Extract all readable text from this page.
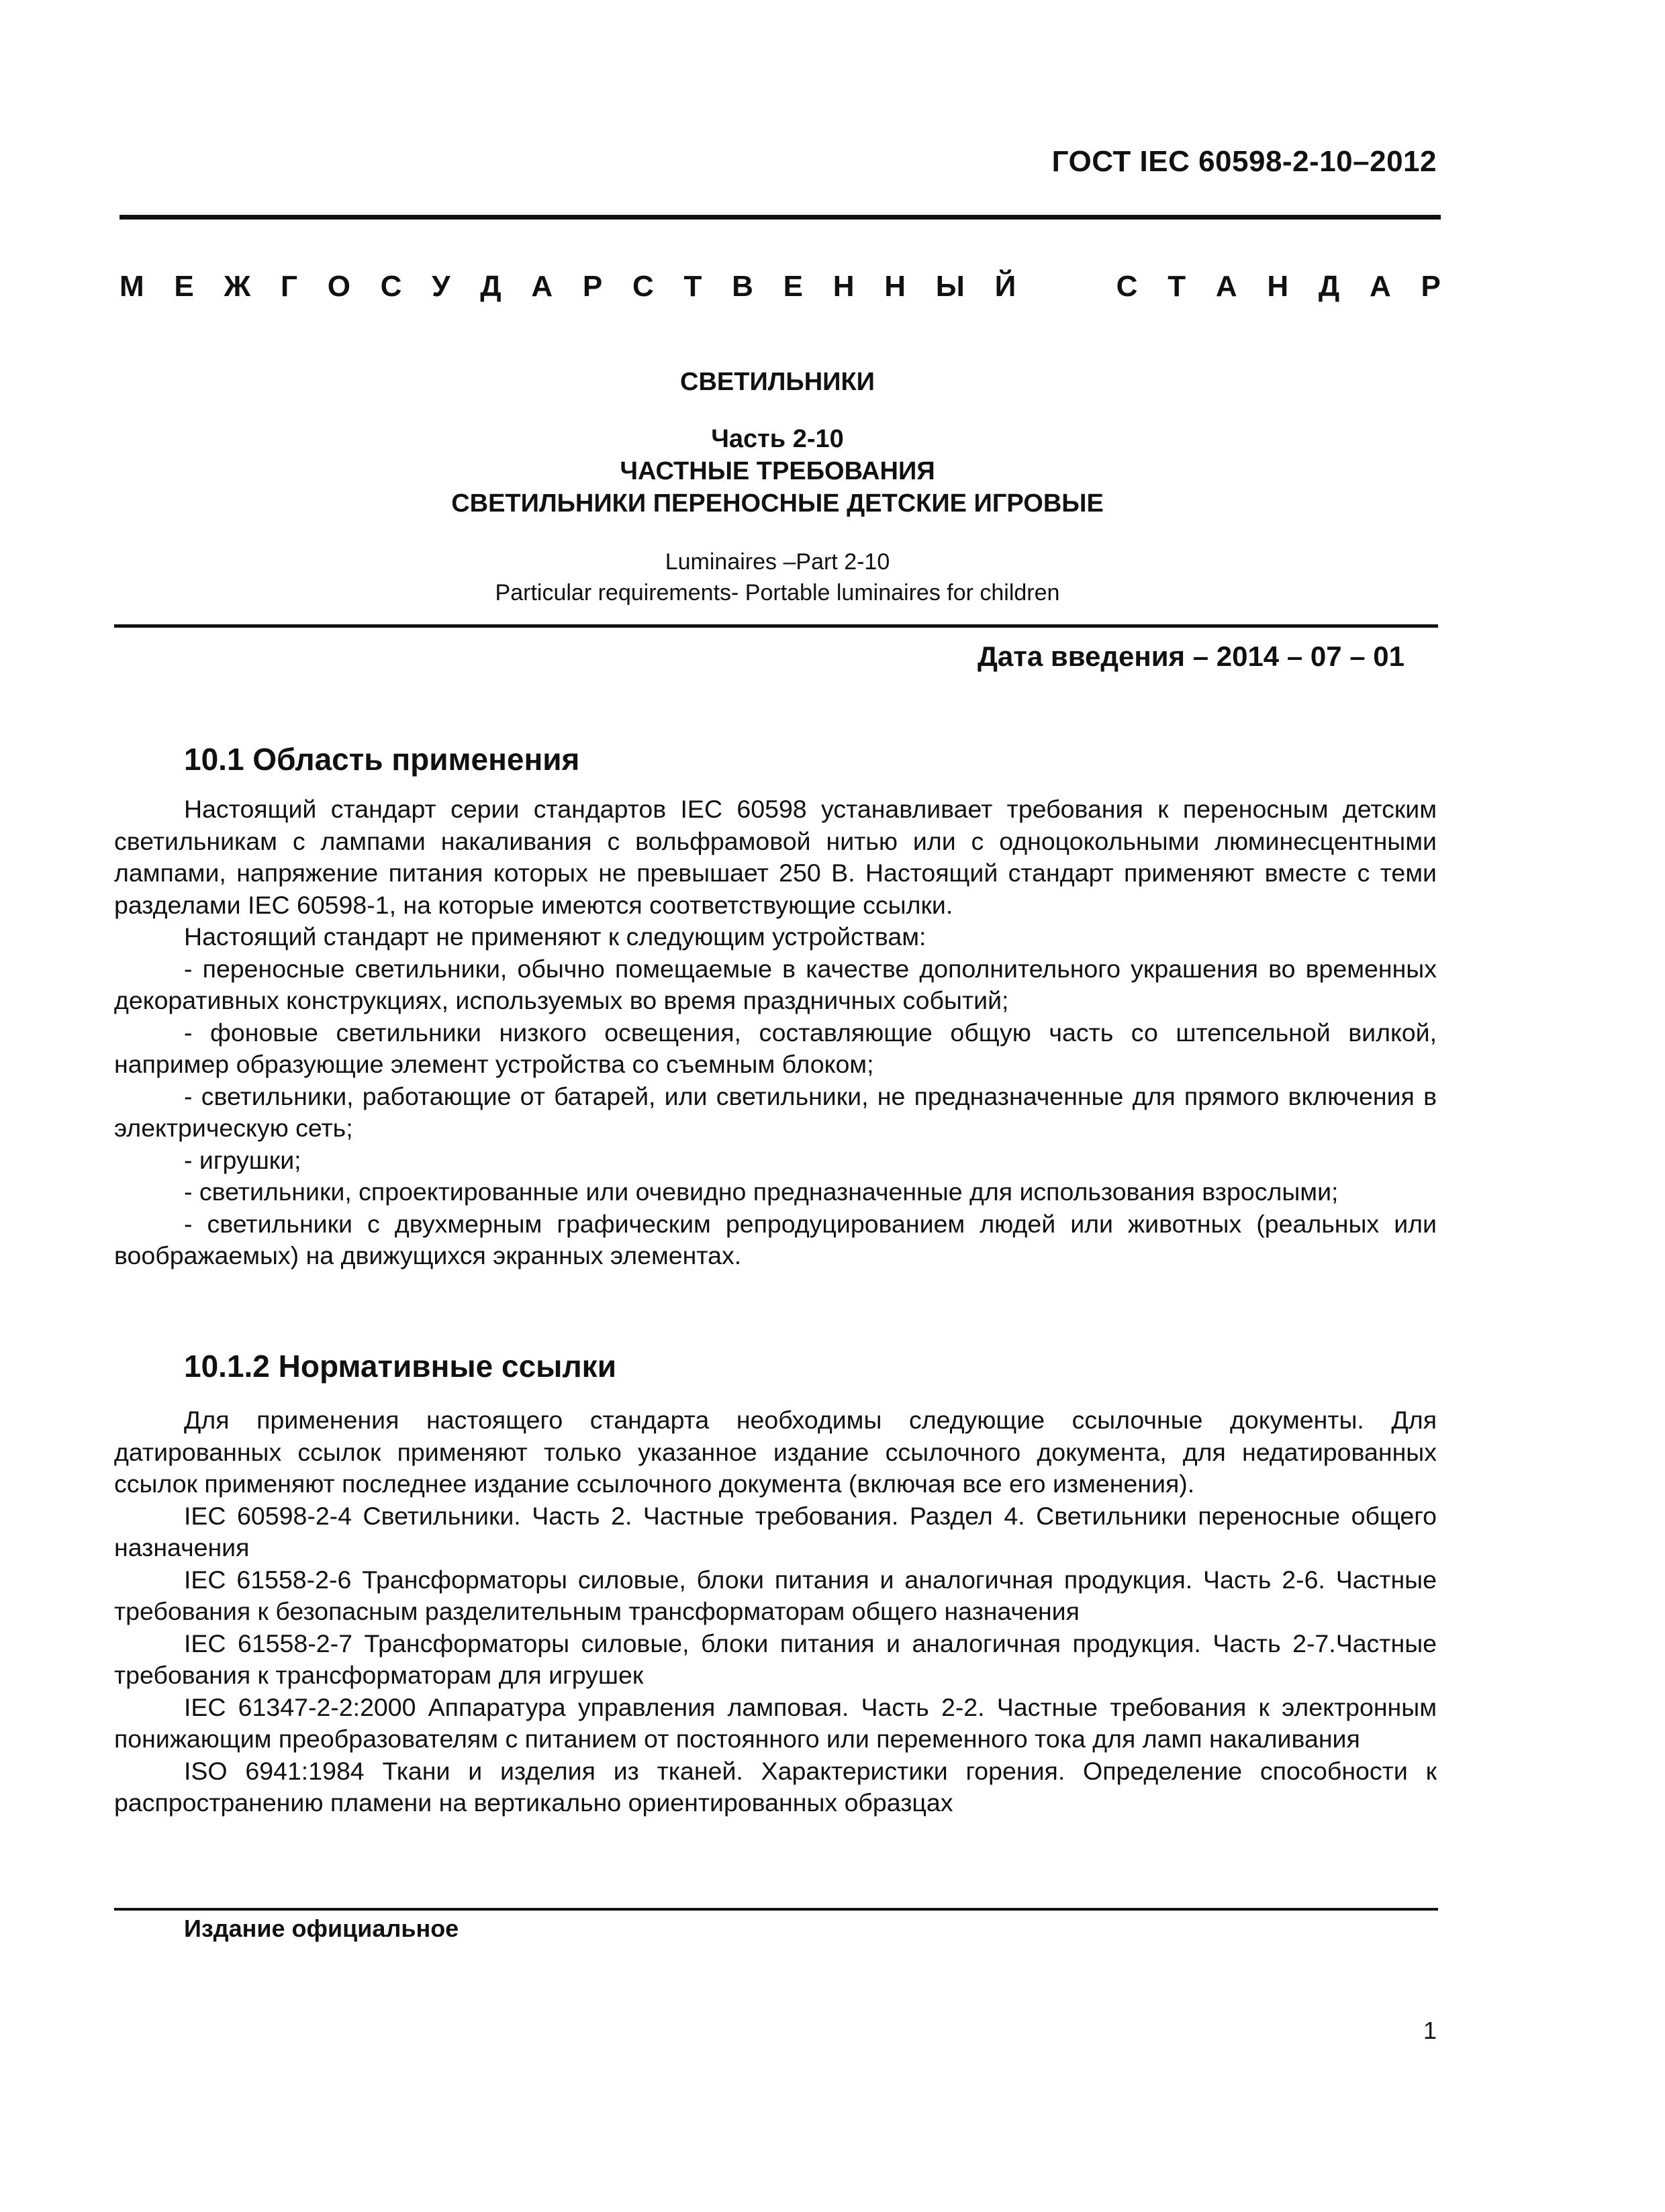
ГОСТ IEC 60598-2-10–2012
М Е Ж Г О С У Д А Р С Т В Е Н Н Ы Й	С Т А Н Д А Р
СВЕТИЛЬНИКИ
Часть 2-10
ЧАСТНЫЕ ТРЕБОВАНИЯ
СВЕТИЛЬНИКИ ПЕРЕНОСНЫЕ ДЕТСКИЕ ИГРОВЫЕ
Luminaires –Part 2-10
Particular requirements- Portable luminaires for children
Дата введения – 2014 – 07 – 01
10.1 Область применения

Настоящий стандарт серии стандартов IEC 60598 устанавливает требования к переносным детским светильникам с лампами накаливания с вольфрамовой нитью или с одноцокольными люминесцентными лампами, напряжение питания которых не превышает 250 В. Настоящий стандарт применяют вместе с теми разделами IEC 60598-1, на которые имеются соответствующие ссылки.

Настоящий стандарт не применяют к следующим устройствам:

- переносные светильники, обычно помещаемые в качестве дополнительного украшения во временных декоративных конструкциях, используемых во время праздничных событий;

- фоновые светильники низкого освещения, составляющие общую часть со штепсельной вилкой, например образующие элемент устройства со съемным блоком;

- светильники, работающие от батарей, или светильники, не предназначенные для прямого включения в электрическую сеть;

- игрушки;

- светильники, спроектированные или очевидно предназначенные для использования взрослыми;

- светильники с двухмерным графическим репродуцированием людей или животных (реальных или воображаемых) на движущихся экранных элементах.

10.1.2 Нормативные ссылки

Для применения настоящего стандарта необходимы следующие ссылочные документы. Для датированных ссылок применяют только указанное издание ссылочного документа, для недатированных ссылок применяют последнее издание ссылочного документа (включая все его изменения).

IEC 60598-2-4 Светильники. Часть 2. Частные требования. Раздел 4. Светильники переносные общего назначения

IEC 61558-2-6 Трансформаторы силовые, блоки питания и аналогичная продукция. Часть 2-6. Частные требования к безопасным разделительным трансформаторам общего назначения

IEC 61558-2-7 Трансформаторы силовые, блоки питания и аналогичная продукция. Часть 2-7.Частные требования к трансформаторам для игрушек

IEC 61347-2-2:2000 Аппаратура управления ламповая. Часть 2-2. Частные требования к электронным понижающим преобразователям с питанием от постоянного или переменного тока для ламп накаливания

ISO 6941:1984 Ткани и изделия из тканей. Характеристики горения. Определение способности к распространению пламени на вертикально ориентированных образцах

Издание официальное
1
